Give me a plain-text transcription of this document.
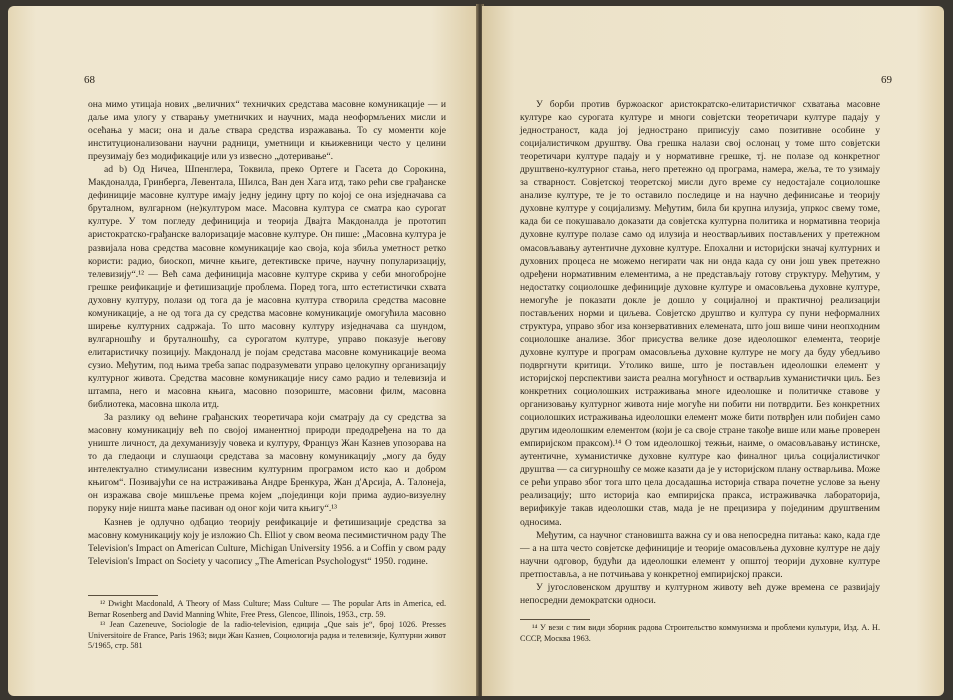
68

она мимо утицаја нових „величних“ техничких средстава масовне комуникације — и даље има улогу у стварању уметничких и научних, мада неоформљених мисли и осећања у маси; она и даље ствара средства изражавања. То су моменти које институционализовани научни радници, уметници и књижевници често у целини преузимају без модификације или уз извесно „дотеривање“.

ad b) Од Ничеа, Шпенглера, Токвила, преко Ортеге и Гасета до Сорокина, Макдоналда, Гринберга, Левентала, Шилса, Ван ден Хага итд, тако рећи све грађанске дефиниције масовне културе имају једну једину црту по којој се она изједначава са бруталном, вулгарном (не)културом масе. Масовна култура се сматра као сурогат културе. У том погледу дефиниција и теорија Двајта Макдоналда је прототип аристократско-грађанске валоризације масовне културе. Он пише: „Масовна култура је развијала нова средства масовне комуникације као своја, која збиља уметност ретко користи: радио, биоскоп, мичне књиге, детективске приче, научну популаризацију, телевизију“.¹² — Већ сама дефиниција масовне културе скрива у себи многобројне грешке реификације и фетишизације проблема. Поред тога, што естетистички схвата духовну културу, полази од тога да је масовна култура створила средства масовне комуникације, а не од тога да су средства масовне комуникације омогућила масовно ширење културних садржаја. То што масовну културу изједначава са шундом, вулгарношћу и бруталношћу, са сурогатом културе, управо показује његову елитаристичку позицију. Макдоналд је појам средстава масовне комуникације веома сузио. Међутим, под њима треба запас подразумевати управо целокупну организацију културног живота. Средства масовне комуникације нису само радио и телевизија и штампа, него и масовна књига, масовно позориште, масовни филм, масовна библиотека, масовна школа итд.

За разлику од већине грађанских теоретичара који сматрају да су средства за масовну комуникацију већ по својој иманентној природи предодређена на то да униште личност, да дехуманизују човека и културу, Француз Жан Казнев упозорава на то да гледаоци и слушаоци средстава за масовну комуникацију „могу да буду интелектуално стимулисани извесним културним програмом исто као и добром књигом“. Позивајући се на истраживања Андре Бренкура, Жан д'Арсија, А. Талонеја, он изражава своје мишљење према којем „појединци који прима аудио-визуелну поруку није ништа мање пасиван од оног који чита књигу“.¹³

Казнев је одлучно одбацио теорију реификације и фетишизације средства за масовну комуникацију коју је изложио Ch. Elliot у свом веома песимистичном раду The Television's Impact on American Culture, Michigan University 1956. а и Coffin у свом раду Television's Impact on Society у часопису „The American Psychologyst“ 1950. године.

¹² Dwight Macdonald, A Theory of Mass Culture; Mass Culture — The popular Arts in America, ed. Bernar Rosenberg and David Manning White, Free Press, Glencoe, Illinois, 1953., стр. 59.

¹³ Jean Cazeneuve, Sociologie de la radio-television, едиција „Que sais je“, број 1026. Presses Universitoire de France, Paris 1963; види Жан Казнев, Социологија радиа и телевизије, Културни живот 5/1965, стр. 581

69

У борби против буржоаског аристократско-елитаристичког схватања масовне културе као сурогата културе и многи совјетски теоретичари културе падају у једностраност, када јој једнострано приписују само позитивне особине у социјалистичком друштву. Ова грешка налази свој ослонац у томе што совјетски теоретичари културе падају и у нормативне грешке, тј. не полазе од конкретног друштвено-културног стања, него претежно од програма, намера, жеља, те то узимају за стварност. Совјетској теоретској мисли дуго време су недостајале социолошке анализе културе, те је то оставило последице и на научно дефинисање и теорију духовне културе у социјализму. Међутим, била би крупна илузија, упркос свему томе, када би се покушавало доказати да совјетска културна политика и нормативна теорија духовне културе полазе само од илузија и неостварљивих постављених у претежном омасовљавању аутентичне духовне културе. Епохални и историјски значај културних и духовних процеса не можемо негирати чак ни онда када су они још увек претежно одређени нормативним елементима, а не представљају готову структуру. Међутим, у недостатку социолошке дефиниције духовне културе и омасовљења духовне културе, немогуће је показати докле је дошло у социјалној и практичној реализацији постављених норми и циљева. Совјетско друштво и култура су пуни неформалних структура, управо због иза конзервативних елемената, што још више чини неопходним социолошке анализе. Због присуства велике дозе идеолошког елемента, теорије духовне културе и програм омасовљења духовне културе не могу да буду убедљиво подвргнути критици. Утолико више, што је постављен идеолошки елемент у историјској перспективи заиста реална могућност и остварљив хуманистички циљ. Без конкретних социолошких истраживања многе идеолошке и политичке ставове у организовању културног живота није могуће ни побити ни потврдити. Без конкретних социолошких истраживања идеолошки елемент може бити потврђен или побијен само другим идеолошким елементом (који је са своје стране такође више или мање проверен емпиријском праксом).¹⁴ О том идеолошкој тежњи, наиме, о омасовљавању истинске, аутентичне, хуманистичке духовне културе као финалног циља социјалистичког друштва — са сигурношћу се може казати да је у историјском плану остварљива. Може се рећи управо због тога што цела досадашња историја ствара почетне услове за њену реализацију; што историја као емпиријска пракса, истраживачка лабораторија, верификује такав идеолошки став, мада је не прецизира у појединим друштвеним односима.

Међутим, са научног становишта важна су и ова непосредна питања: како, када где — а на шта често совјетске дефиниције и теорије омасовљења духовне културе не дају научни одговор, будући да идеолошки елемент у општој теорији духовне културе претпоставља, а не потчињава у конкретној емпиријској пракси.

У југословенском друштву и културном животу већ дуже времена се развијају непосредни демократски односи.

¹⁴ У вези с тим види зборник радова Строительство коммунизма и проблеми культури, Изд. А. Н. СССР, Москва 1963.
